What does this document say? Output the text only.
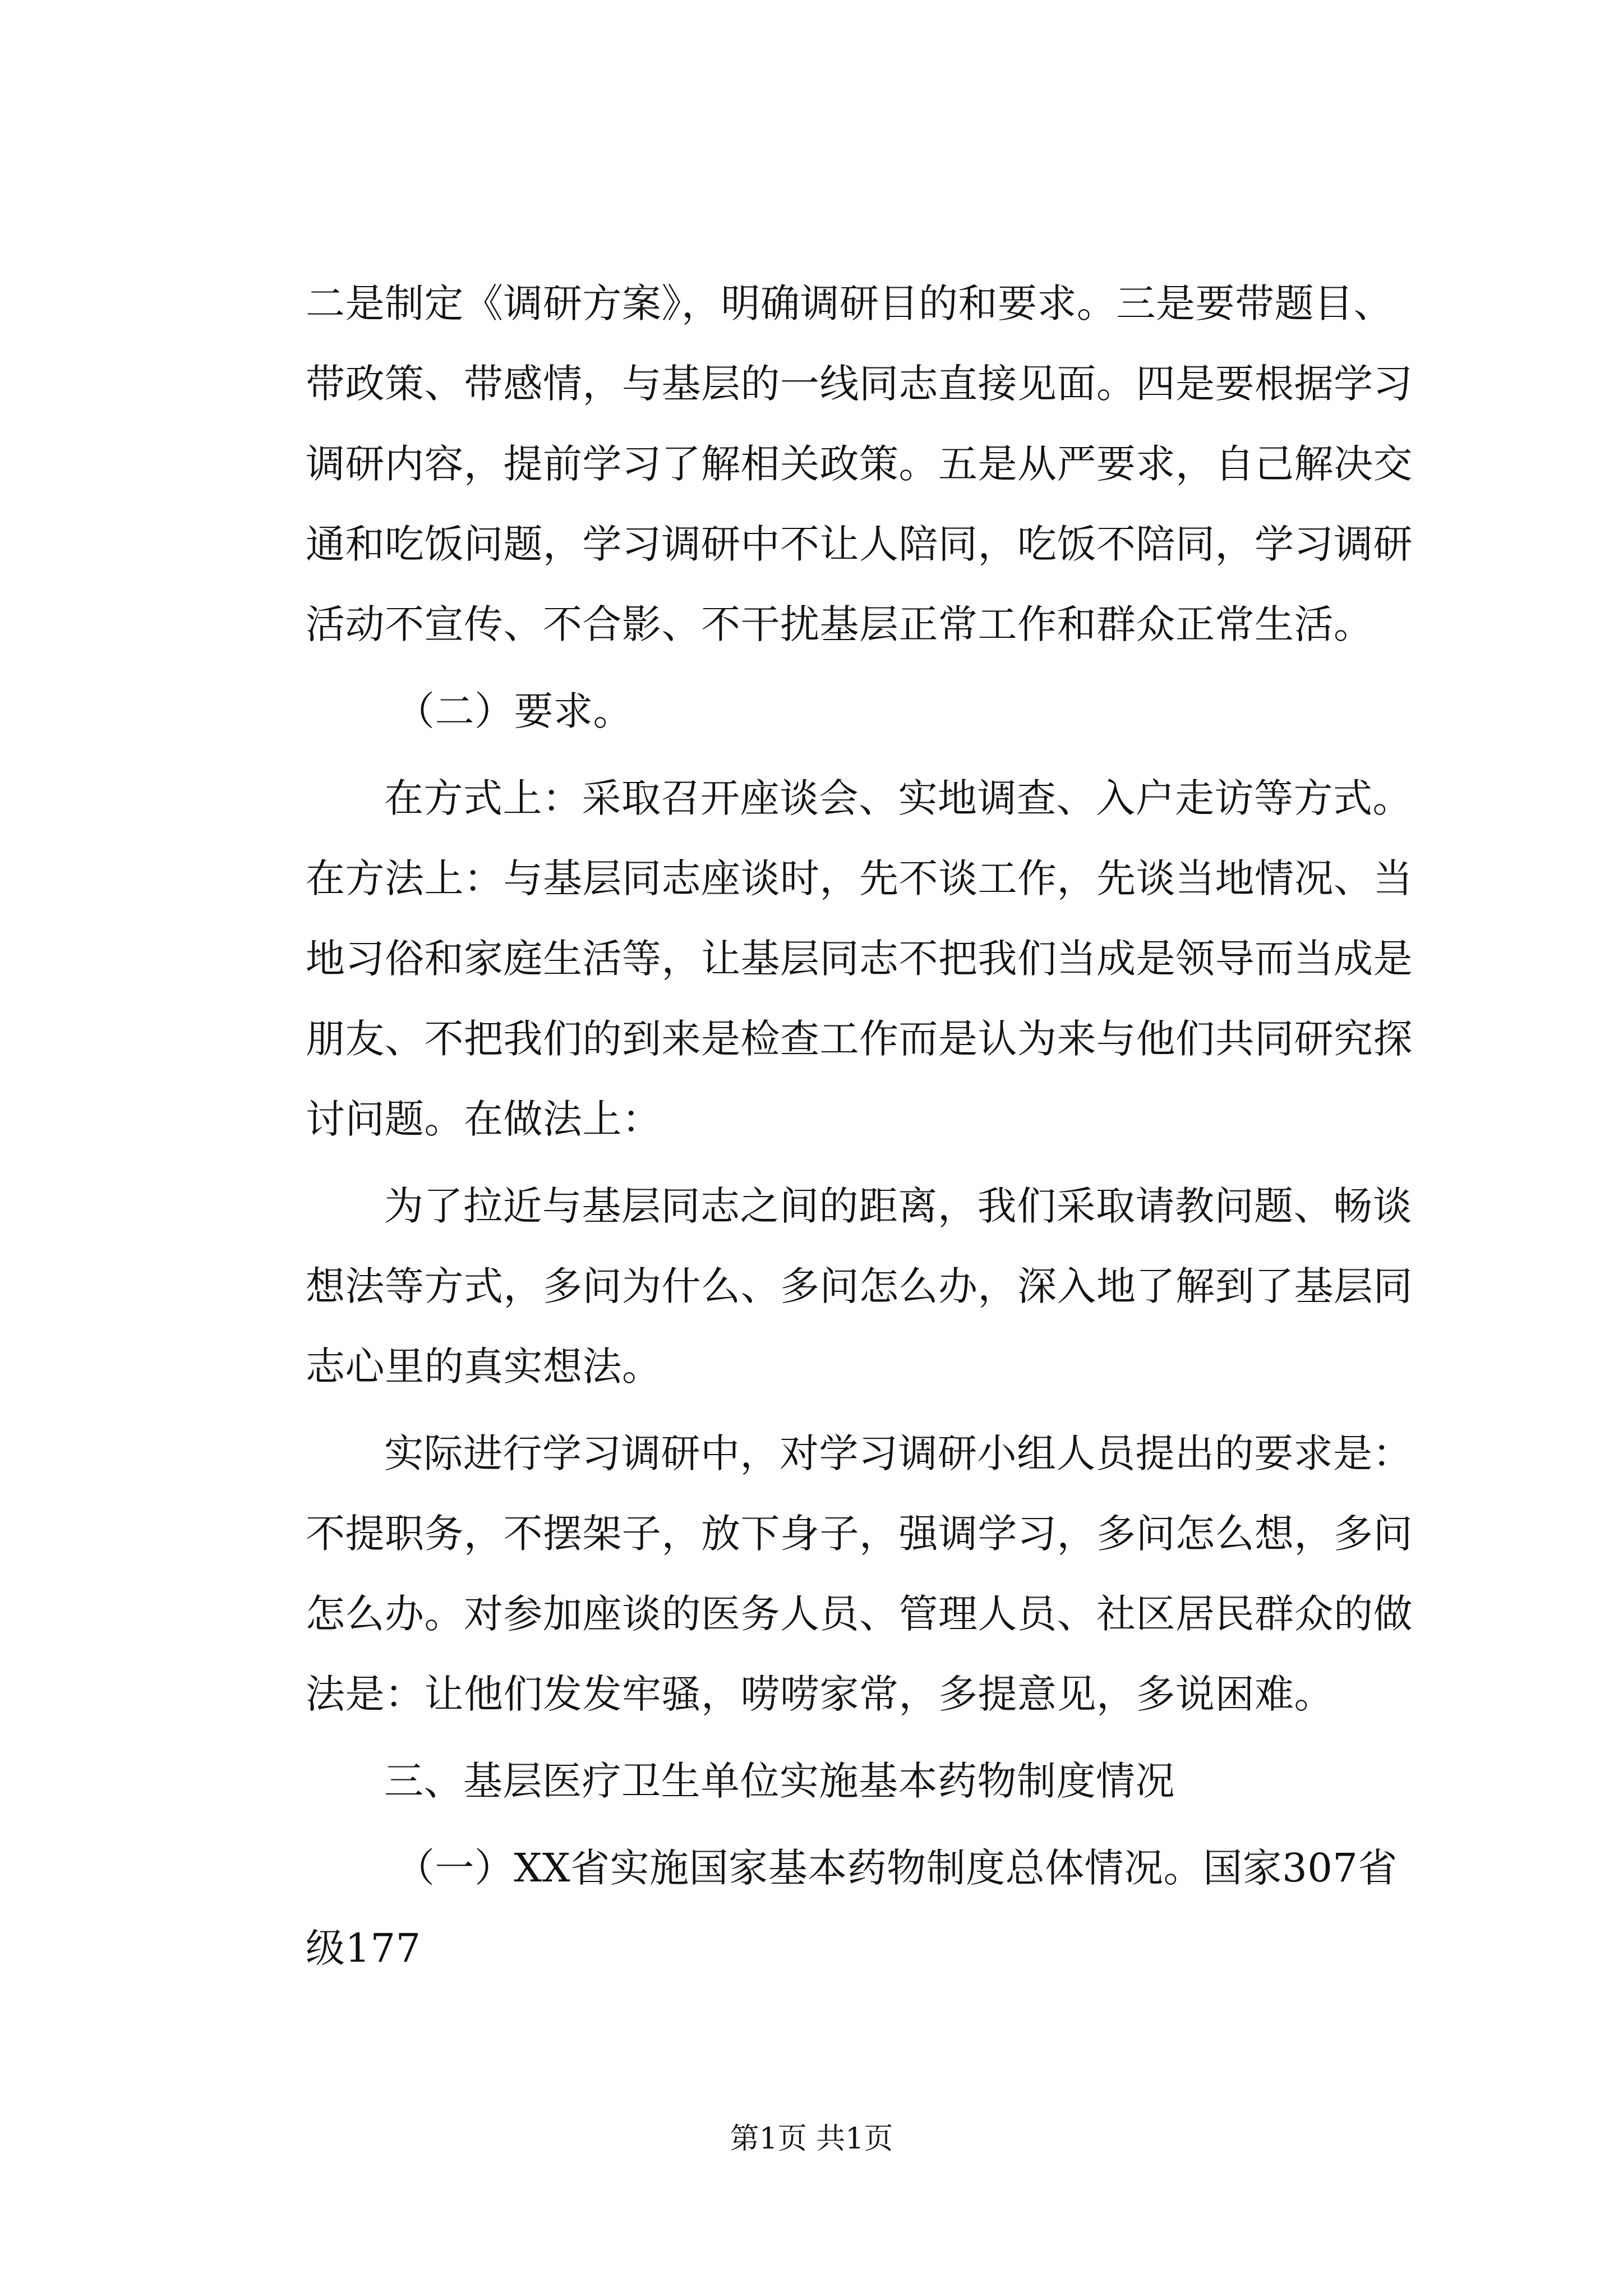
二是制定《调研方案》，明确调研目的和要求。三是要带题目、
带政策、带感情，与基层的一线同志直接见面。四是要根据学习
调研内容，提前学习了解相关政策。五是从严要求，自己解决交
通和吃饭问题，学习调研中不让人陪同，吃饭不陪同，学习调研
活动不宣传、不合影、不干扰基层正常工作和群众正常生活。
（二）要求。
在方式上：采取召开座谈会、实地调查、入户走访等方式。
在方法上：与基层同志座谈时，先不谈工作，先谈当地情况、当
地习俗和家庭生活等，让基层同志不把我们当成是领导而当成是
朋友、不把我们的到来是检查工作而是认为来与他们共同研究探
讨问题。在做法上：
为了拉近与基层同志之间的距离，我们采取请教问题、畅谈
想法等方式，多问为什么、多问怎么办，深入地了解到了基层同
志心里的真实想法。
实际进行学习调研中，对学习调研小组人员提出的要求是：
不提职务，不摆架子，放下身子，强调学习，多问怎么想，多问
怎么办。对参加座谈的医务人员、管理人员、社区居民群众的做
法是：让他们发发牢骚，唠唠家常，多提意见，多说困难。
三、基层医疗卫生单位实施基本药物制度情况
（一）XX省实施国家基本药物制度总体情况。国家307省
级177
第1页 共1页
